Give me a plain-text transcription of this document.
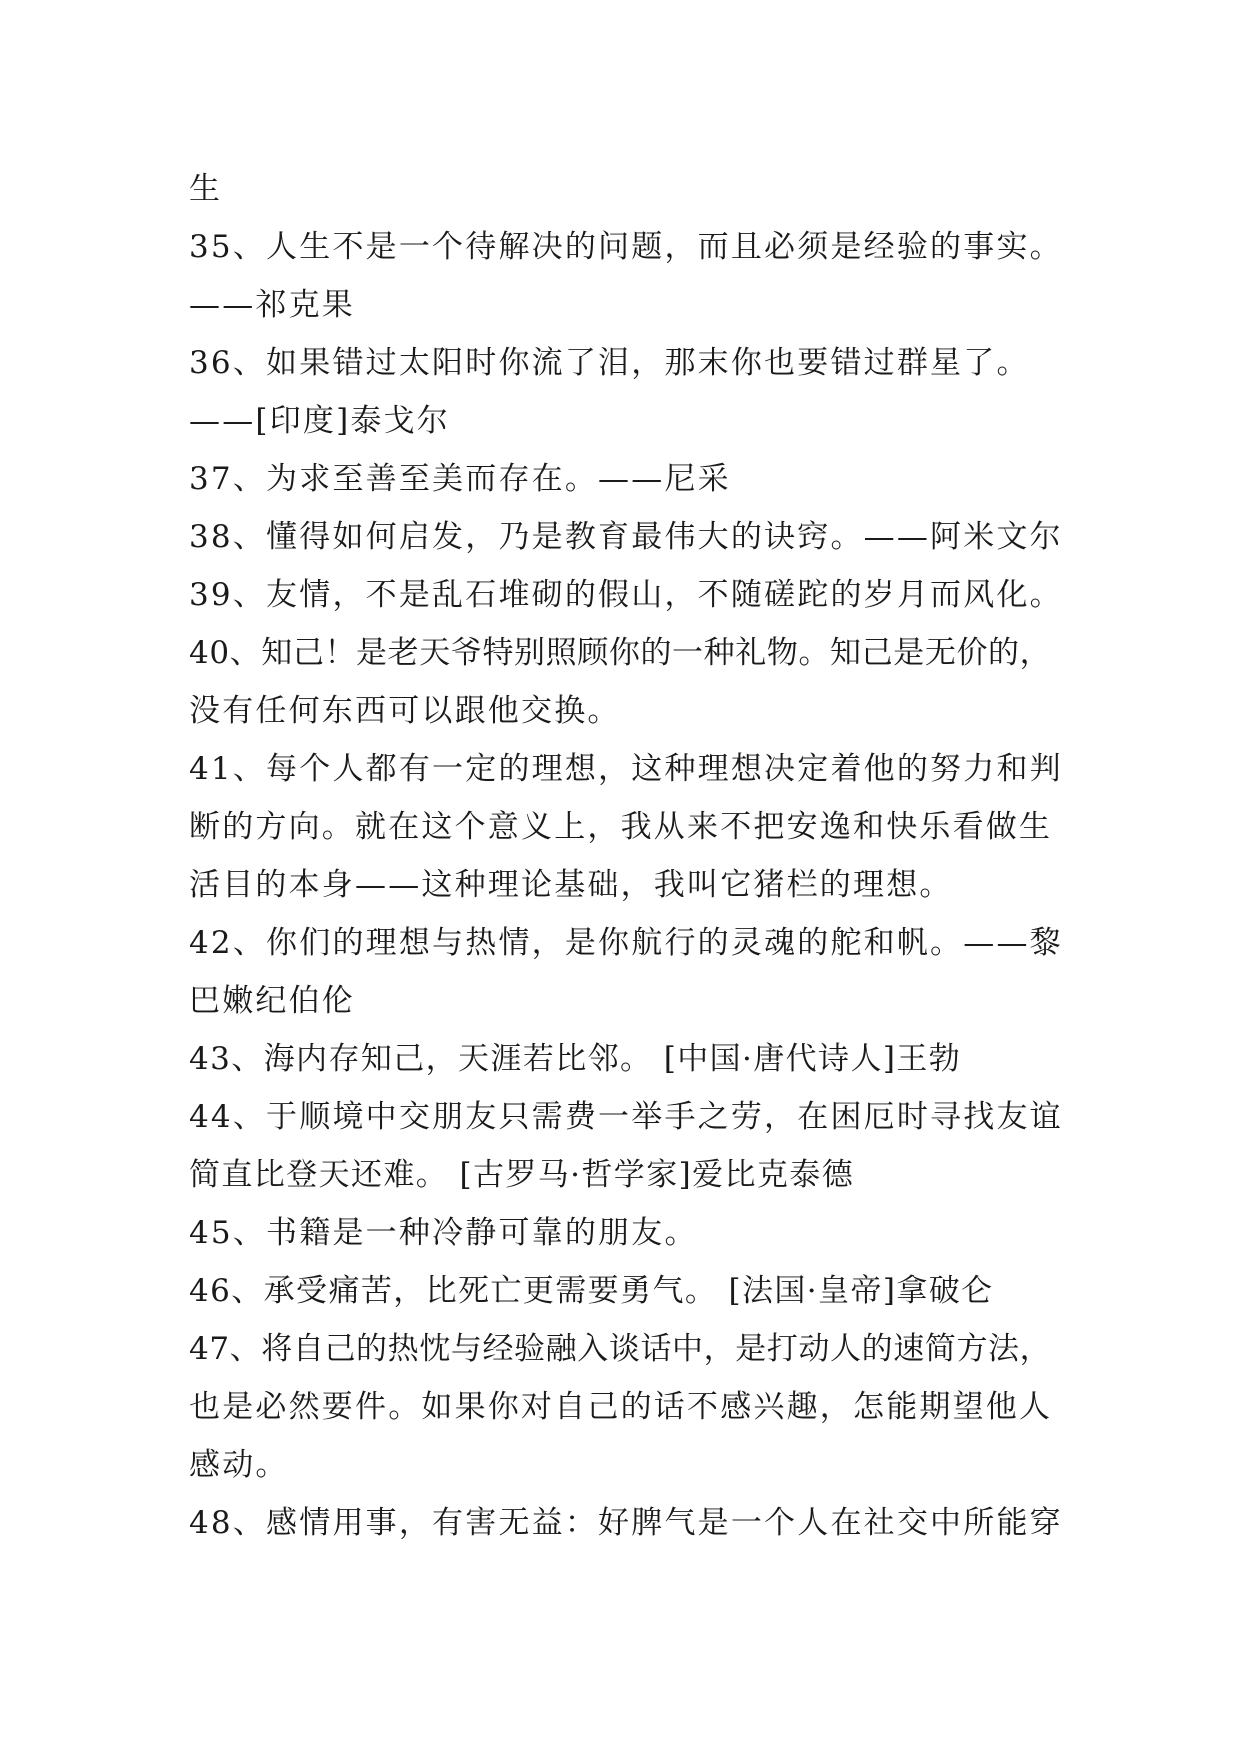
生
35、人生不是一个待解决的问题，而且必须是经验的事实。
——祁克果
36、如果错过太阳时你流了泪，那末你也要错过群星了。
——[印度]泰戈尔
37、为求至善至美而存在。——尼采
38、懂得如何启发，乃是教育最伟大的诀窍。——阿米文尔
39、友情，不是乱石堆砌的假山，不随磋跎的岁月而风化。
40、知己！是老天爷特别照顾你的一种礼物。知己是无价的，
没有任何东西可以跟他交换。
41、每个人都有一定的理想，这种理想决定着他的努力和判
断的方向。就在这个意义上，我从来不把安逸和快乐看做生
活目的本身——这种理论基础，我叫它猪栏的理想。
42、你们的理想与热情，是你航行的灵魂的舵和帆。——黎
巴嫩纪伯伦
43、海内存知己，天涯若比邻。 [中国·唐代诗人]王勃
44、于顺境中交朋友只需费一举手之劳，在困厄时寻找友谊
简直比登天还难。 [古罗马·哲学家]爱比克泰德
45、书籍是一种冷静可靠的朋友。
46、承受痛苦，比死亡更需要勇气。 [法国·皇帝]拿破仑
47、将自己的热忱与经验融入谈话中，是打动人的速简方法，
也是必然要件。如果你对自己的话不感兴趣，怎能期望他人
感动。
48、感情用事，有害无益：好脾气是一个人在社交中所能穿
